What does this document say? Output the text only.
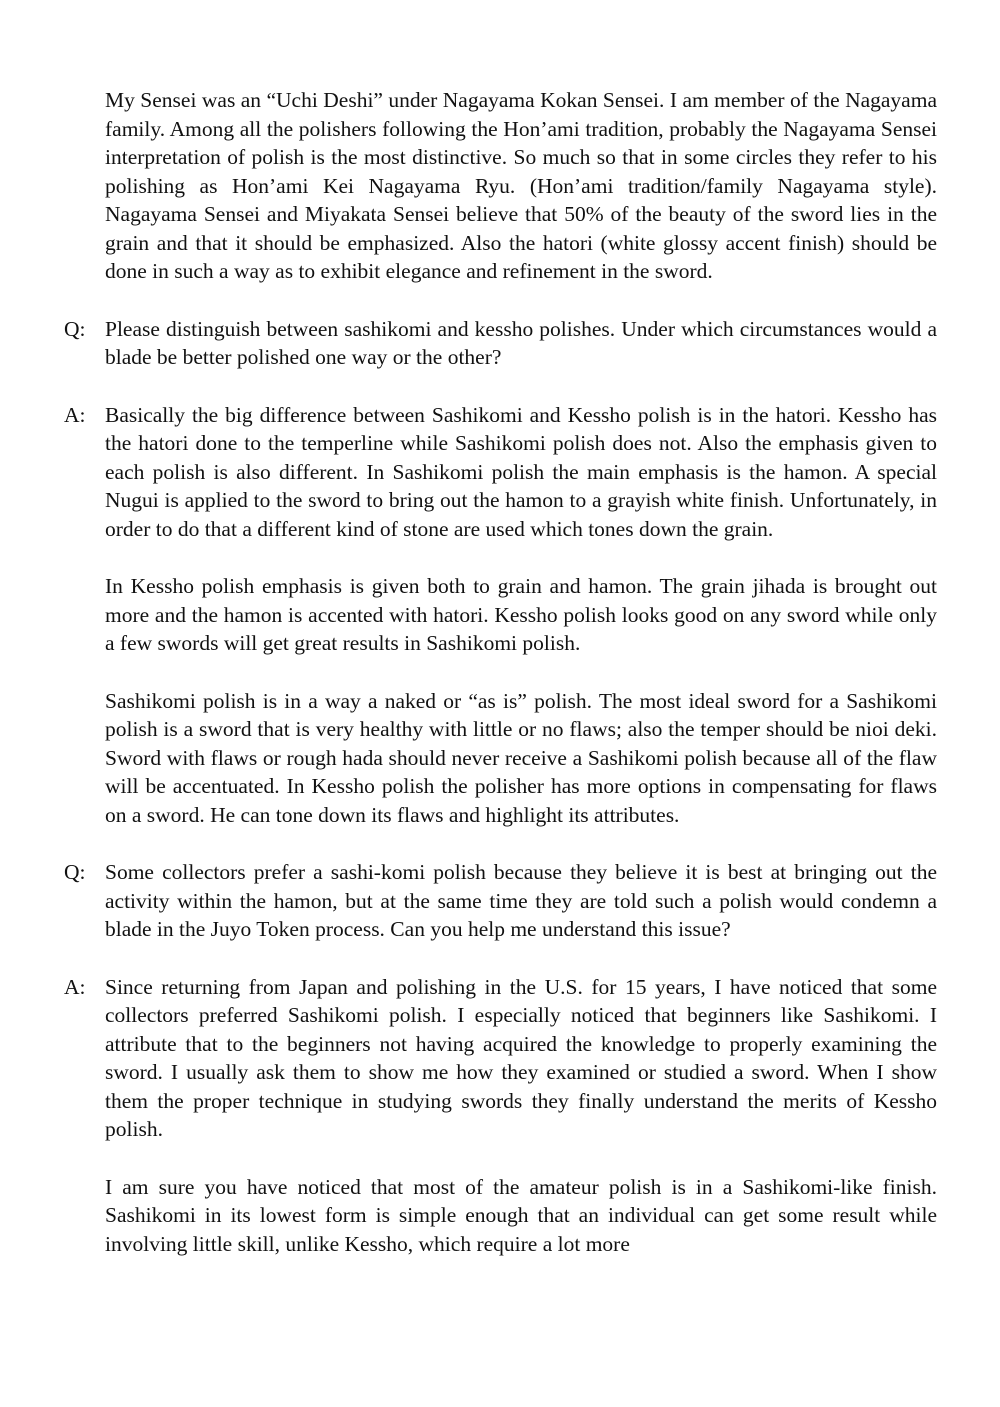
My Sensei was an “Uchi Deshi” under Nagayama Kokan Sensei. I am member of the Nagayama family. Among all the polishers following the Hon’ami tradition, probably the Nagayama Sensei interpretation of polish is the most distinctive. So much so that in some circles they refer to his polishing as Hon’ami Kei Nagayama Ryu. (Hon’ami tradition/family Nagayama style). Nagayama Sensei and Miyakata Sensei believe that 50% of the beauty of the sword lies in the grain and that it should be emphasized. Also the hatori (white glossy accent finish) should be done in such a way as to exhibit elegance and refinement in the sword.

Q: Please distinguish between sashikomi and kessho polishes. Under which circumstances would a blade be better polished one way or the other?

A: Basically the big difference between Sashikomi and Kessho polish is in the hatori. Kessho has the hatori done to the temperline while Sashikomi polish does not. Also the emphasis given to each polish is also different. In Sashikomi polish the main emphasis is the hamon. A special Nugui is applied to the sword to bring out the hamon to a grayish white finish. Unfortunately, in order to do that a different kind of stone are used which tones down the grain.

In Kessho polish emphasis is given both to grain and hamon. The grain jihada is brought out more and the hamon is accented with hatori. Kessho polish looks good on any sword while only a few swords will get great results in Sashikomi polish.

Sashikomi polish is in a way a naked or “as is” polish. The most ideal sword for a Sashikomi polish is a sword that is very healthy with little or no flaws; also the temper should be nioi deki. Sword with flaws or rough hada should never receive a Sashikomi polish because all of the flaw will be accentuated. In Kessho polish the polisher has more options in compensating for flaws on a sword. He can tone down its flaws and highlight its attributes.

Q: Some collectors prefer a sashi-komi polish because they believe it is best at bringing out the activity within the hamon, but at the same time they are told such a polish would condemn a blade in the Juyo Token process. Can you help me understand this issue?

A: Since returning from Japan and polishing in the U.S. for 15 years, I have noticed that some collectors preferred Sashikomi polish. I especially noticed that beginners like Sashikomi. I attribute that to the beginners not having acquired the knowledge to properly examining the sword. I usually ask them to show me how they examined or studied a sword. When I show them the proper technique in studying swords they finally understand the merits of Kessho polish.

I am sure you have noticed that most of the amateur polish is in a Sashikomi-like finish. Sashikomi in its lowest form is simple enough that an individual can get some result while involving little skill, unlike Kessho, which require a lot more
